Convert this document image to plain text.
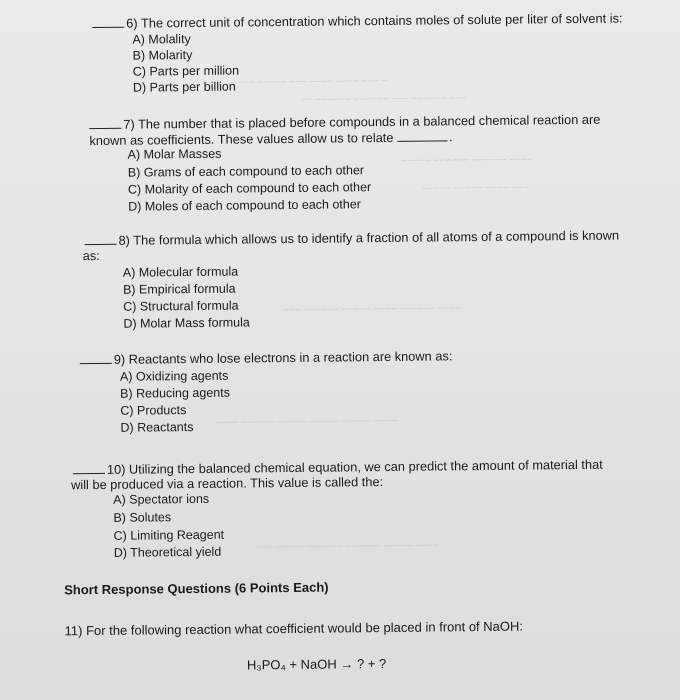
~ ~~~ ~~~~ ~~~~ ~~~ ~~~~~ ~~~~
~~~ ~~~~~~ ~~~ ~~~~~~ ~~~~~~ ~~
~~~~ ~~~~~~ ~~~~~~ ~~~~~
~~~ ~~~~ ~~~~~ ~~~~~
~~~~ ~~~~~~ ~~~~ ~~~~~ ~~~~~~ ~~~
~~~~ ~~~~~ ~~~~~ ~~~~~ ~~~~~~ ~~~~
~~~~ ~~~~~ ~~~~~~ ~~~~~~ ~~~~~ ~~~
6) The correct unit of concentration which contains moles of solute per liter of solvent is:
A) Molality
B) Molarity
C) Parts per million
D) Parts per billion
7) The number that is placed before compounds in a balanced chemical reaction are
known as coefficients. These values allow us to relate	.
A) Molar Masses
B) Grams of each compound to each other
C) Molarity of each compound to each other
D) Moles of each compound to each other
8) The formula which allows us to identify a fraction of all atoms of a compound is known
as:
A) Molecular formula
B) Empirical formula
C) Structural formula
D) Molar Mass formula
9) Reactants who lose electrons in a reaction are known as:
A) Oxidizing agents
B) Reducing agents
C) Products
D) Reactants
10) Utilizing the balanced chemical equation, we can predict the amount of material that
will be produced via a reaction. This value is called the:
A) Spectator ions
B) Solutes
C) Limiting Reagent
D) Theoretical yield
Short Response Questions (6 Points Each)
11) For the following reaction what coefficient would be placed in front of NaOH:
H₃PO₄ + NaOH → ? + ?
